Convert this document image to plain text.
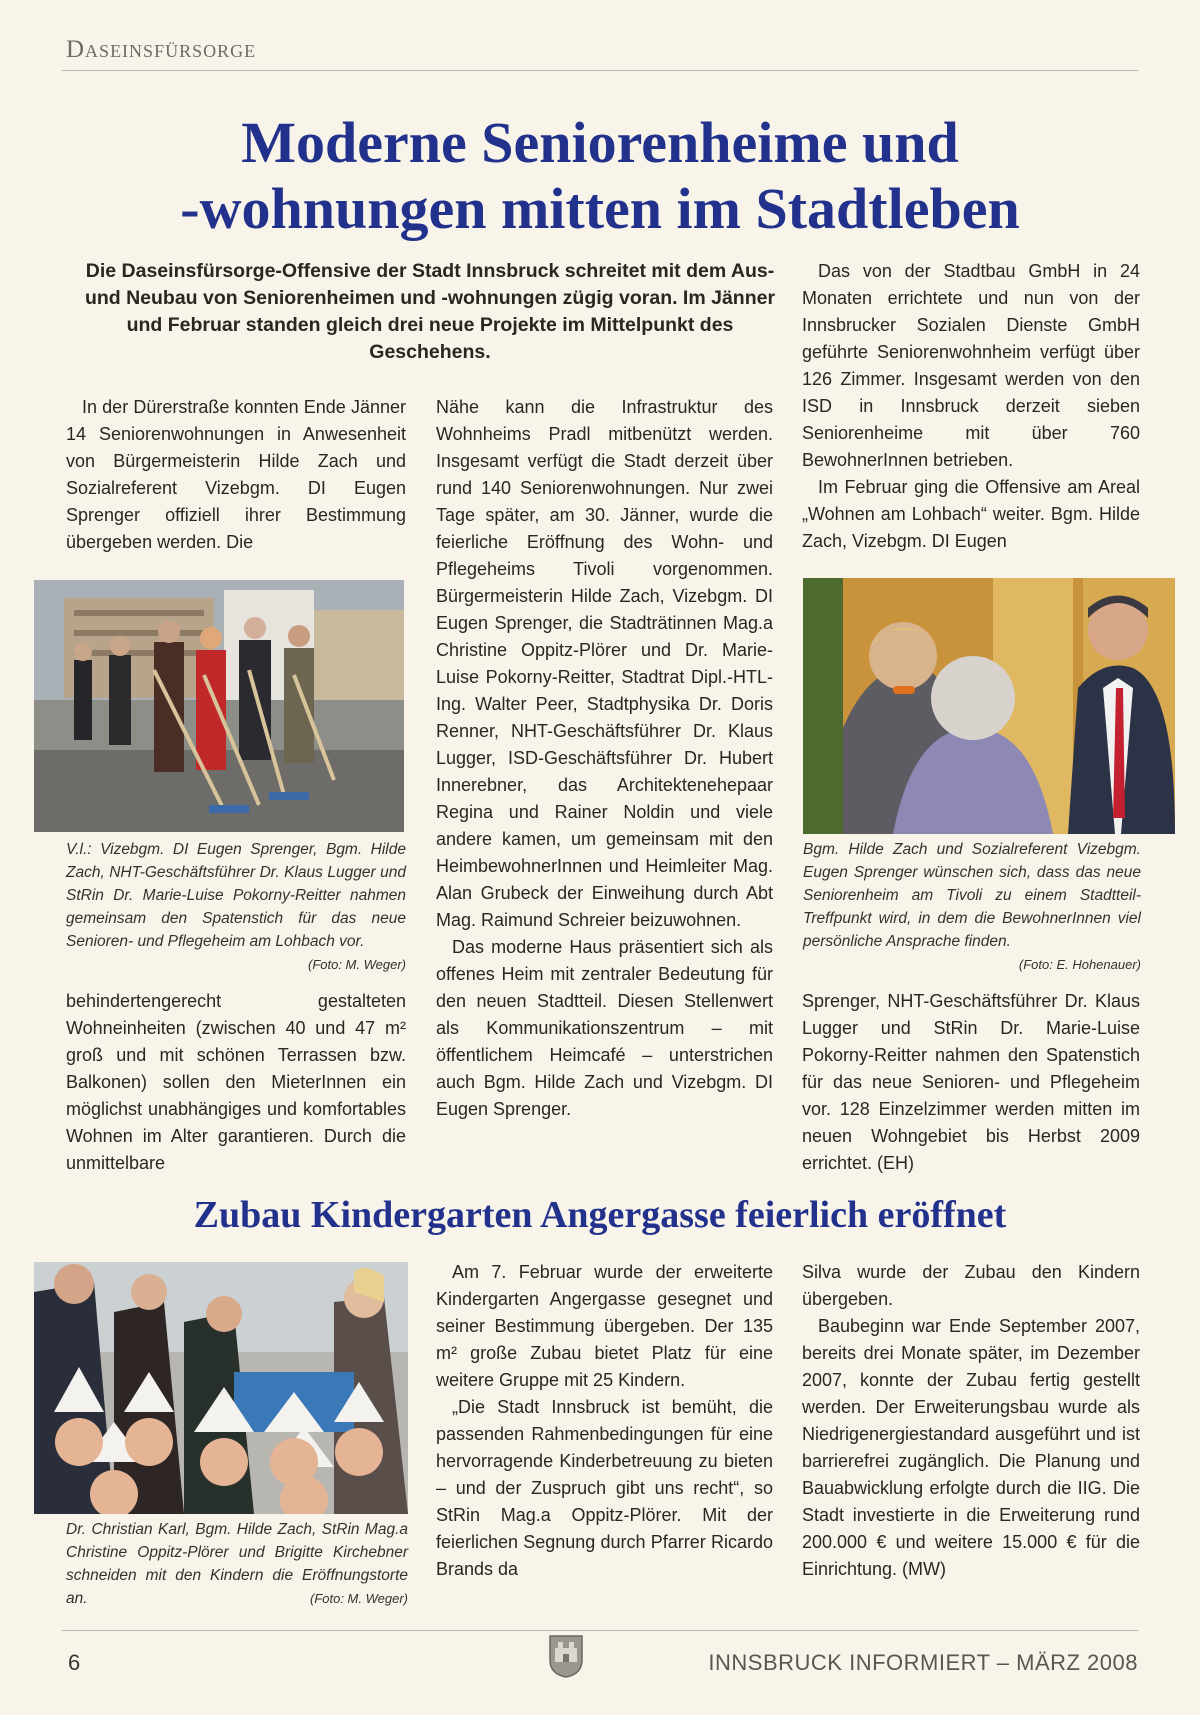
Daseinsfürsorge
Moderne Seniorenheime und
-wohnungen mitten im Stadtleben

Die Daseinsfürsorge-Offensive der Stadt Innsbruck schreitet mit dem Aus- und Neubau von Seniorenheimen und -wohnungen zügig voran. Im Jänner und Februar standen gleich drei neue Projekte im Mittelpunkt des Geschehens.

In der Dürerstraße konnten Ende Jänner 14 Seniorenwohnungen in Anwesenheit von Bürgermeisterin Hilde Zach und Sozialreferent Vizebgm. DI Eugen Sprenger offiziell ihrer Bestimmung übergeben werden. Die

V.l.: Vizebgm. DI Eugen Sprenger, Bgm. Hilde Zach, NHT-Geschäftsführer Dr. Klaus Lugger und StRin Dr. Marie-Luise Pokorny-Reitter nahmen gemeinsam den Spatenstich für das neue Senioren- und Pflegeheim am Lohbach vor.
(Foto: M. Weger)

behindertengerecht gestalteten Wohneinheiten (zwischen 40 und 47 m² groß und mit schönen Terrassen bzw. Balkonen) sollen den MieterInnen ein möglichst unabhängiges und komfortables Wohnen im Alter garantieren. Durch die unmittelbare

Nähe kann die Infrastruktur des Wohnheims Pradl mitbenützt werden. Insgesamt verfügt die Stadt derzeit über rund 140 Seniorenwohnungen. Nur zwei Tage später, am 30. Jänner, wurde die feierliche Eröffnung des Wohn- und Pflegeheims Tivoli vorgenommen. Bürgermeisterin Hilde Zach, Vizebgm. DI Eugen Sprenger, die Stadträtinnen Mag.a Christine Oppitz-Plörer und Dr. Marie-Luise Pokorny-Reitter, Stadtrat Dipl.-HTL-Ing. Walter Peer, Stadtphysika Dr. Doris Renner, NHT-Geschäftsführer Dr. Klaus Lugger, ISD-Geschäftsführer Dr. Hubert Innerebner, das Architektenehepaar Regina und Rainer Noldin und viele andere kamen, um gemeinsam mit den HeimbewohnerInnen und Heimleiter Mag. Alan Grubeck der Einweihung durch Abt Mag. Raimund Schreier beizuwohnen.

Das moderne Haus präsentiert sich als offenes Heim mit zentraler Bedeutung für den neuen Stadtteil. Diesen Stellenwert als Kommunikationszentrum – mit öffentlichem Heimcafé – unterstrichen auch Bgm. Hilde Zach und Vizebgm. DI Eugen Sprenger.

Das von der Stadtbau GmbH in 24 Monaten errichtete und nun von der Innsbrucker Sozialen Dienste GmbH geführte Seniorenwohnheim verfügt über 126 Zimmer. Insgesamt werden von den ISD in Innsbruck derzeit sieben Seniorenheime mit über 760 BewohnerInnen betrieben.

Im Februar ging die Offensive am Areal „Wohnen am Lohbach“ weiter. Bgm. Hilde Zach, Vizebgm. DI Eugen

Bgm. Hilde Zach und Sozialreferent Vizebgm. Eugen Sprenger wünschen sich, dass das neue Seniorenheim am Tivoli zu einem Stadtteil-Treffpunkt wird, in dem die BewohnerInnen viel persönliche Ansprache finden.
(Foto: E. Hohenauer)

Sprenger, NHT-Geschäftsführer Dr. Klaus Lugger und StRin Dr. Marie-Luise Pokorny-Reitter nahmen den Spatenstich für das neue Senioren- und Pflegeheim vor. 128 Einzelzimmer werden mitten im neuen Wohngebiet bis Herbst 2009 errichtet. (EH)

Zubau Kindergarten Angergasse feierlich eröffnet
Dr. Christian Karl, Bgm. Hilde Zach, StRin Mag.a Christine Oppitz-Plörer und Brigitte Kirchebner schneiden mit den Kindern die Eröffnungstorte an.	(Foto: M. Weger)

Am 7. Februar wurde der erweiterte Kindergarten Angergasse gesegnet und seiner Bestimmung übergeben. Der 135 m² große Zubau bietet Platz für eine weitere Gruppe mit 25 Kindern.

„Die Stadt Innsbruck ist bemüht, die passenden Rahmenbedingungen für eine hervorragende Kinderbetreuung zu bieten – und der Zuspruch gibt uns recht“, so StRin Mag.a Oppitz-Plörer. Mit der feierlichen Segnung durch Pfarrer Ricardo Brands da

Silva wurde der Zubau den Kindern übergeben.

Baubeginn war Ende September 2007, bereits drei Monate später, im Dezember 2007, konnte der Zubau fertig gestellt werden. Der Erweiterungsbau wurde als Niedrigenergiestandard ausgeführt und ist barrierefrei zugänglich. Die Planung und Bauabwicklung erfolgte durch die IIG. Die Stadt investierte in die Erweiterung rund 200.000 € und weitere 15.000 € für die Einrichtung. (MW)

6	INNSBRUCK INFORMIERT – MÄRZ 2008
